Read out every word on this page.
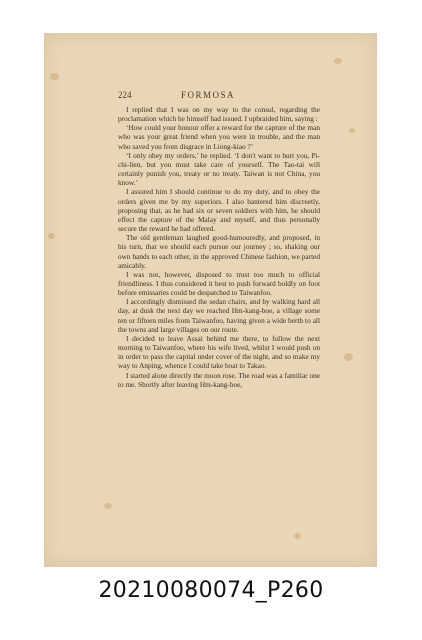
224	FORMOSA

I replied that I was on my way to the consul, regarding the proclamation which he himself had issued. I upbraided him, saying :

‘How could your honour offer a reward for the capture of the man who was your great friend when you were in trouble, and the man who saved you from disgrace in Liong-kiao ?’

‘I only obey my orders,’ he replied. ‘I don't want to hurt you, Pi-chi-lien, but you must take care of yourself. The Tao-tai will certainly punish you, treaty or no treaty. Taiwan is not China, you know.’

I assured him I should continue to do my duty, and to obey the orders given me by my superiors. I also bantered him discreetly, proposing that, as he had six or seven soldiers with him, he should effect the capture of the Malay and myself, and thus personally secure the reward he had offered.

The old gentleman laughed good-humouredly, and proposed, in his turn, that we should each pursue our journey ; so, shaking our own hands to each other, in the approved Chinese fashion, we parted amicably.

I was not, however, disposed to trust too much to official friendliness. I thus considered it best to push forward boldly on foot before emissaries could be despatched to Taiwanfoo.

I accordingly dismissed the sedan chairs, and by walking hard all day, at dusk the next day we reached Hm-kang-boe, a village some ten or fifteen miles from Taiwanfoo, having given a wide berth to all the towns and large villages on our route.

I decided to leave Assai behind me there, to follow the next morning to Taiwanfoo, where his wife lived, whilst I would push on in order to pass the capital under cover of the night, and so make my way to Anping, whence I could take boat to Takao.

I started alone directly the moon rose. The road was a familiar one to me. Shortly after leaving Hm-kang-boe,

20210080074_P260
